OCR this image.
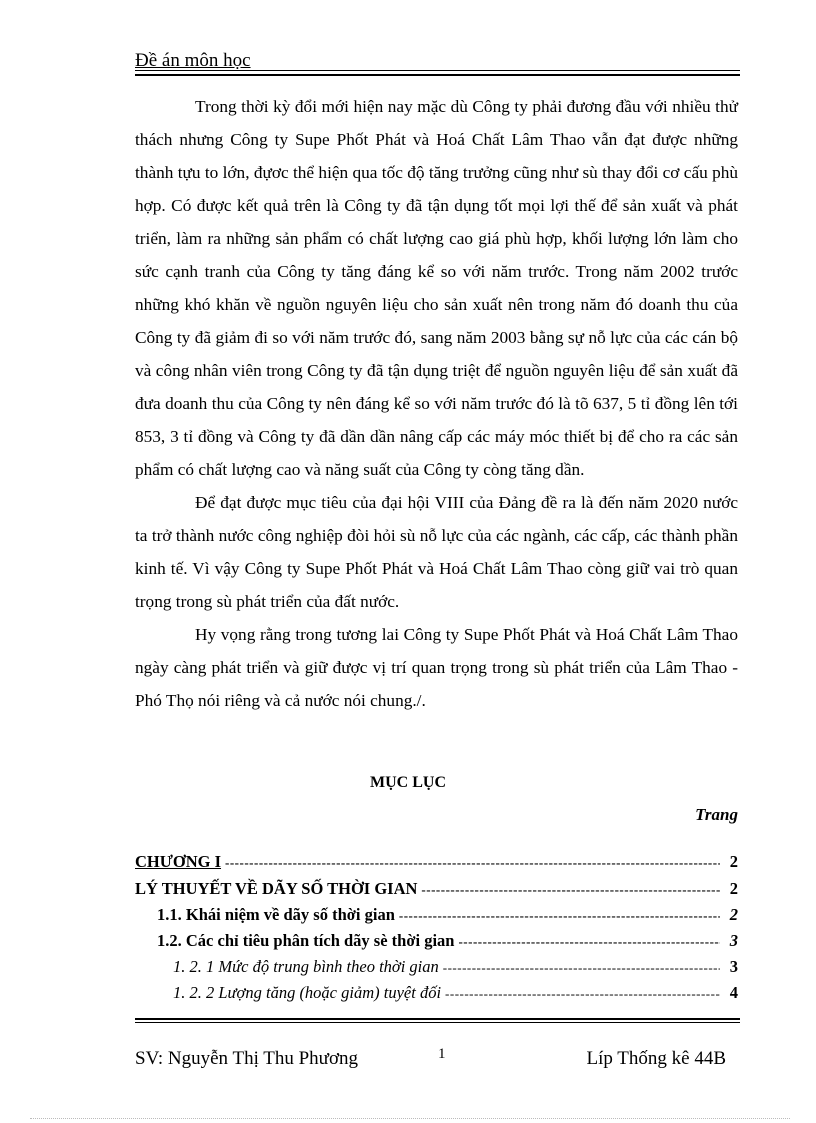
Đề án môn học

Trong thời kỳ đổi mới hiện nay mặc dù Công ty phải đương đầu với nhiều thử thách nhưng Công ty Supe Phốt Phát và Hoá Chất Lâm Thao vẫn đạt được những thành tựu to lớn, đựơc thể hiện qua tốc độ tăng trưởng cũng như sù thay đổi cơ cấu phù hợp. Có được kết quả trên là Công ty đã tận dụng tốt mọi lợi thế để sản xuất và phát triển, làm ra những sản phẩm có chất lượng cao giá phù hợp, khối lượng lớn làm cho sức cạnh tranh của Công ty tăng đáng kể so với năm trước. Trong năm 2002 trước những khó khăn về nguồn nguyên liệu cho sản xuất nên trong năm đó doanh thu của Công ty đã giảm đi so với năm trước đó, sang năm 2003 bằng sự nỗ lực của các cán bộ và công nhân viên trong Công ty đã tận dụng triệt để nguồn nguyên liệu để sản xuất đã đưa doanh thu của Công ty nên đáng kể so với năm trước đó là tõ 637, 5 tỉ đồng lên tới 853, 3 tỉ đồng và Công ty đã dần dần nâng cấp các máy móc thiết bị để cho ra các sản phẩm có chất lượng cao và năng suất của Công ty còng tăng dần.

Để đạt được mục tiêu của đại hội VIII của Đảng đề ra là đến năm 2020 nước ta trở thành nước công nghiệp đòi hỏi sù nỗ lực của các ngành, các cấp, các thành phần kinh tế. Vì vậy Công ty Supe Phốt Phát và Hoá Chất Lâm Thao còng giữ vai trò quan trọng trong sù phát triển của đất nước.

Hy vọng rằng trong tương lai Công ty Supe Phốt Phát và Hoá Chất Lâm Thao ngày càng phát triển và giữ được vị trí quan trọng trong sù phát triển của Lâm Thao - Phó Thọ nói riêng và cả nước nói chung./.

MỤC LỤC
Trang
CHƯƠNG I -----	2
LÝ THUYẾT VỀ DÃY SỐ THỜI GIAN -----	2
1.1. Khái niệm về dãy số thời gian -----	2
1.2. Các chỉ tiêu phân tích dãy sè thời gian -----	3
1. 2. 1 Mức độ trung bình theo thời gian -----	3
1. 2. 2 Lượng tăng (hoặc giảm) tuyệt đối -----	4
SV: Nguyễn Thị Thu Phương	1	Líp Thống kê 44B
